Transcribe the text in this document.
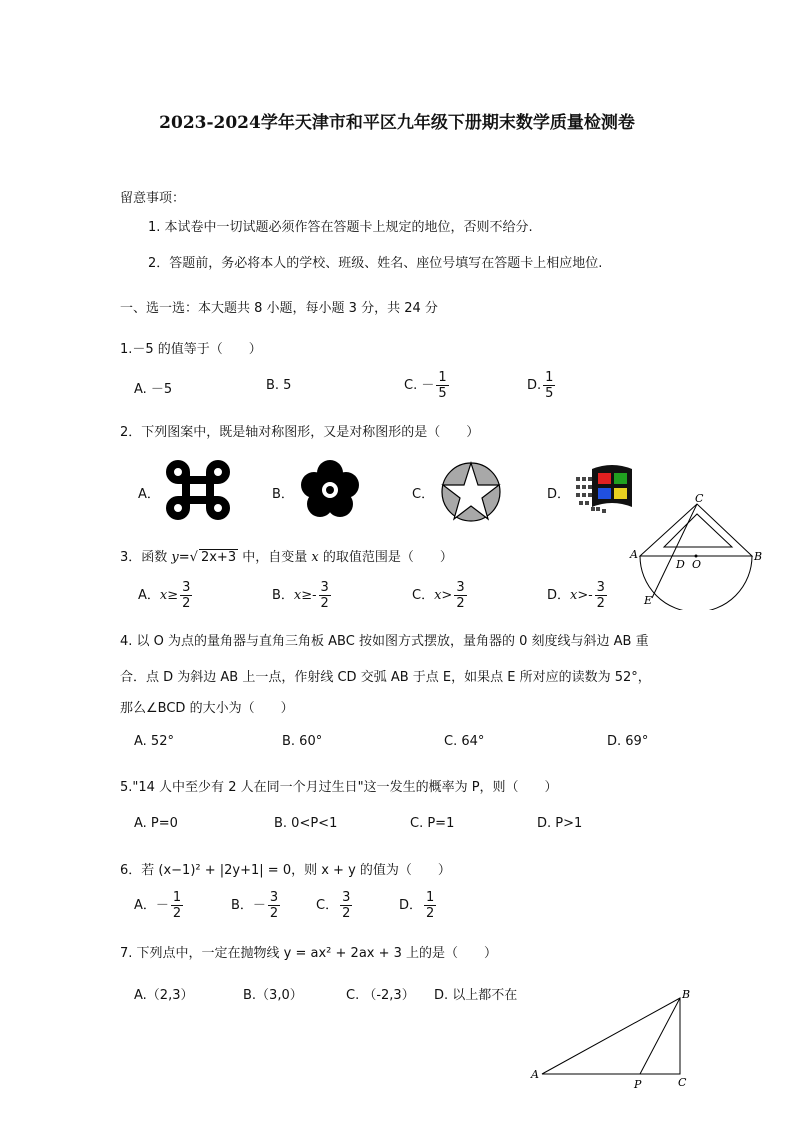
2023-2024学年天津市和平区九年级下册期末数学质量检测卷
留意事项：
1. 本试卷中一切试题必须作答在答题卡上规定的地位，否则不给分.
2．答题前，务必将本人的学校、班级、姓名、座位号填写在答题卡上相应地位.
一、选一选：本大题共 8 小题，每小题 3 分，共 24 分
1.－5 的值等于（　　）
A. －5	B. 5	C. － $\frac{1}{5}$	D. $\frac{1}{5}$
2．下列图案中，既是轴对称图形，又是对称图形的是（　　）
A．	B．	C．	D．
A	B
C
D O
E
3．函数 y=√ 2x+3 中，自变量 x 的取值范围是（　　）
A．$x\ge \frac{3}{2}$	B．$x\ge- \frac{3}{2}$	C．$x> \frac{3}{2}$	D．$x>- \frac{3}{2}$
4. 以 O 为点的量角器与直角三角板 ABC 按如图方式摆放，量角器的 0 刻度线与斜边 AB 重
合．点 D 为斜边 AB 上一点，作射线 CD 交弧 AB 于点 E，如果点 E 所对应的读数为 52°，
那么∠BCD 的大小为（　　）
A. 52°	B. 60°	C. 64°	D. 69°
5."14 人中至少有 2 人在同一个月过生日"这一发生的概率为 P，则（　　）
A. P=0	B. 0<P<1	C. P=1	D. P>1
6．若 (x−1)² + |2y+1| = 0，则 x + y 的值为（　　）
A．－ $\frac{1}{2}$	B．－ $\frac{3}{2}$	C． $\frac{3}{2}$	D． $\frac{1}{2}$
7. 下列点中，一定在抛物线 y = ax² + 2ax + 3 上的是（　　）
A.（2,3）	B.（3,0）	C. （-2,3） D. 以上都不在
A
B
C
P
